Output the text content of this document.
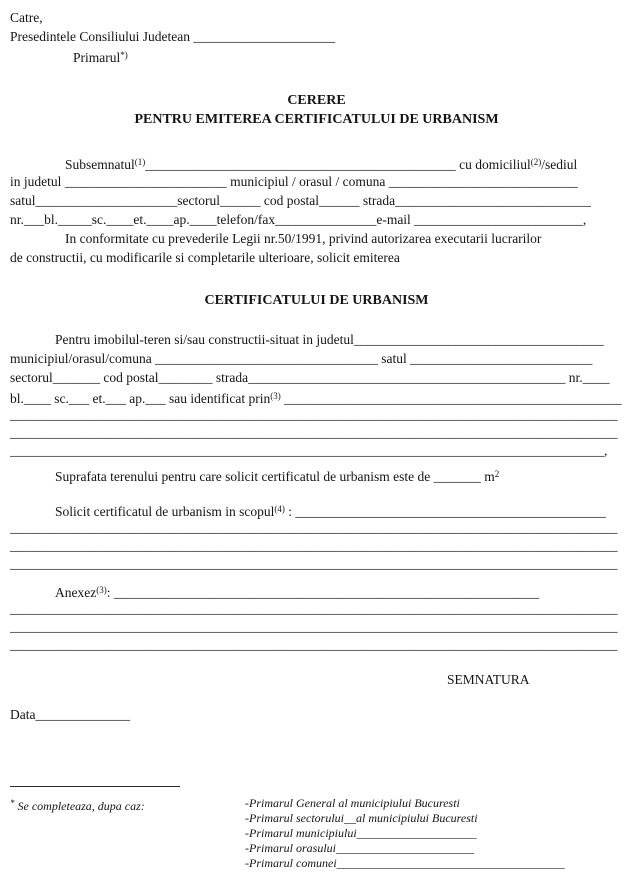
Catre,
Presedintele Consiliului Judetean _____________________
Primarul*)
CERERE
PENTRU EMITEREA CERTIFICATULUI DE URBANISM
Subsemnatul$^{(1)}$______________________________________________ cu domiciliul$^{(2)}$/sediul
in judetul ________________________ municipiul / orasul / comuna ____________________________
satul_____________________sectorul______ cod postal______ strada_____________________________
nr.___bl._____sc.____et.____ap.____telefon/fax_______________e-mail _________________________,
In conformitate cu prevederile Legii nr.50/1991, privind autorizarea executarii lucrarilor
de constructii, cu modificarile si completarile ulterioare, solicit emiterea
CERTIFICATULUI DE URBANISM
Pentru imobilul-teren si/sau constructii-situat in judetul_____________________________________
municipiul/orasul/comuna _________________________________ satul ___________________________
sectorul_______ cod postal________ strada_______________________________________________ nr.____
bl.____ sc.___ et.___ ap.___ sau identificat prin$^{(3)}$ __________________________________________________
__________________________________________________________________________________________
__________________________________________________________________________________________
________________________________________________________________________________________,
Suprafata terenului pentru care solicit certificatul de urbanism este de _______ $m^2$
Solicit certificatul de urbanism in scopul$^{(4)}$ : ______________________________________________
__________________________________________________________________________________________
__________________________________________________________________________________________
__________________________________________________________________________________________
Anexez$^{(3)}$: _______________________________________________________________
__________________________________________________________________________________________
__________________________________________________________________________________________
__________________________________________________________________________________________
SEMNATURA
Data______________
* Se completeaza, dupa caz:	-Primarul General al municipiului Bucuresti
-Primarul sectorului__al municipiului Bucuresti
-Primarul municipiului____________________
-Primarul orasului_______________________
-Primarul comunei______________________________________
